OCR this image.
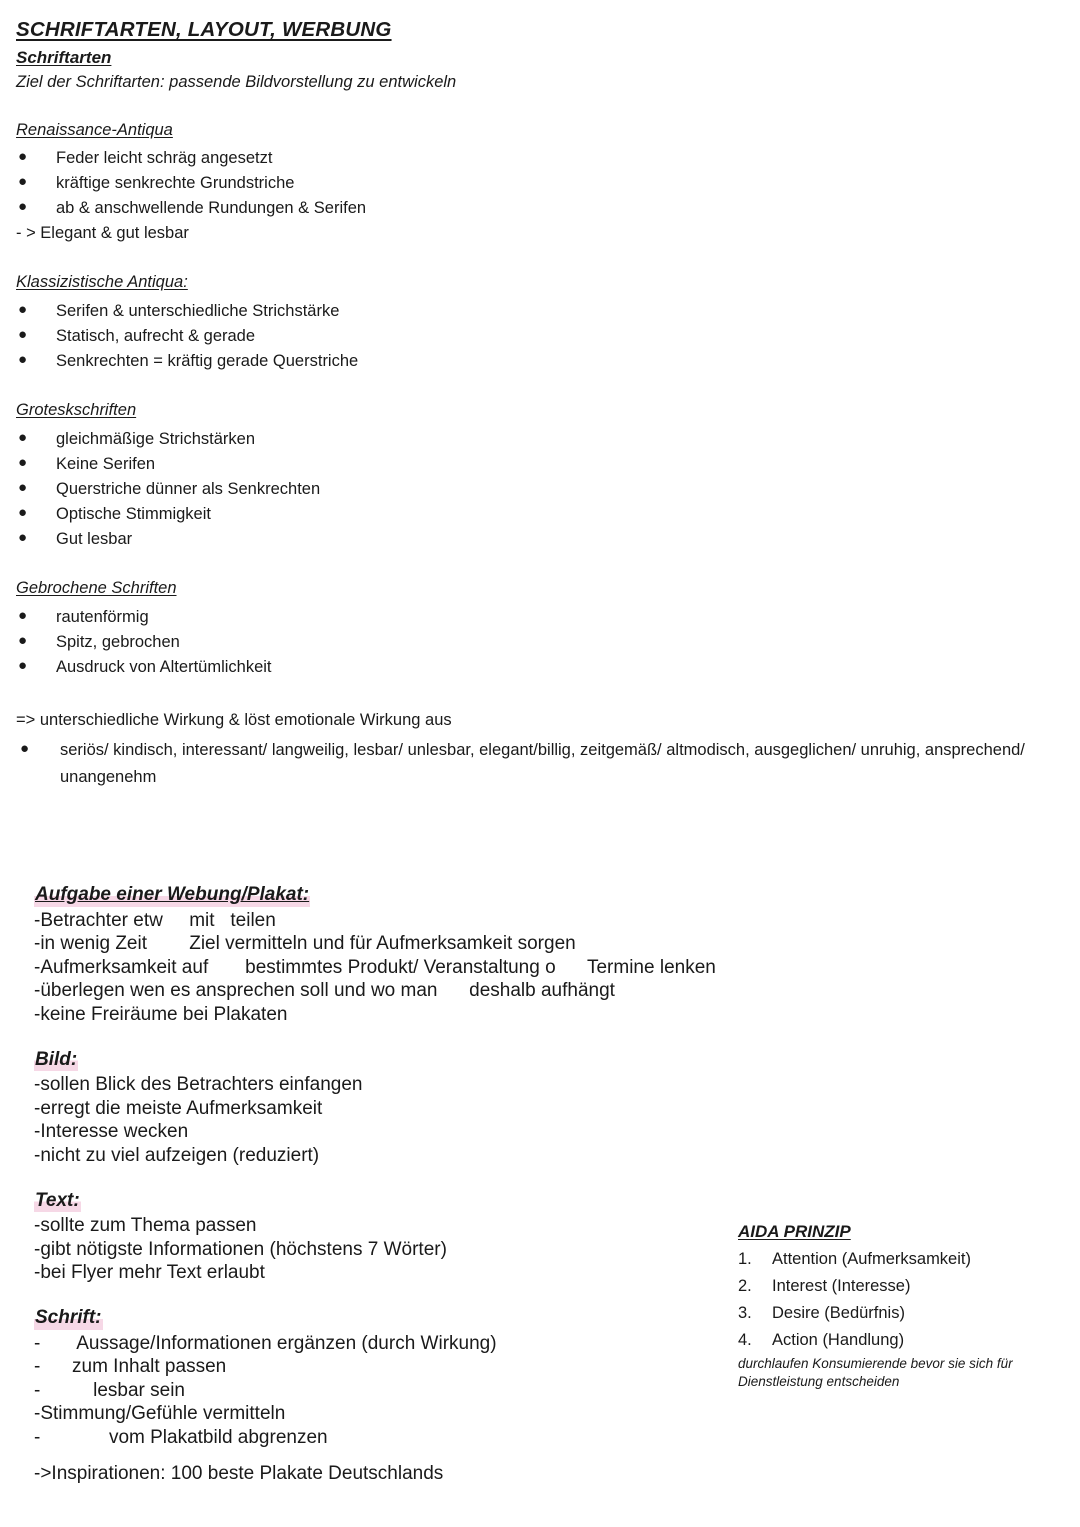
SCHRIFTARTEN, LAYOUT, WERBUNG
Schriftarten

Ziel der Schriftarten: passende Bildvorstellung zu entwickeln

Renaissance-Antiqua
● Feder leicht schräg angesetzt
● kräftige senkrechte Grundstriche
● ab & anschwellende Rundungen & Serifen

- > Elegant & gut lesbar

Klassizistische Antiqua:
● Serifen & unterschiedliche Strichstärke
● Statisch, aufrecht & gerade
● Senkrechten = kräftig gerade Querstriche
Groteskschriften
● gleichmäßige Strichstärken
● Keine Serifen
● Querstriche dünner als Senkrechten
● Optische Stimmigkeit
● Gut lesbar
Gebrochene Schriften
● rautenförmig
● Spitz, gebrochen
● Ausdruck von Altertümlichkeit

=> unterschiedliche Wirkung & löst emotionale Wirkung aus

● seriös/ kindisch, interessant/ langweilig, lesbar/ unlesbar, elegant/billig, zeitgemäß/ altmodisch, ausgeglichen/ unruhig, ansprechend/ unangenehm
Aufgabe einer Webung/Plakat:

-Betrachter etw     mit   teilen

-in wenig Zeit        Ziel vermitteln und für Aufmerksamkeit sorgen

-Aufmerksamkeit auf       bestimmtes Produkt/ Veranstaltung o      Termine lenken

-überlegen wen es ansprechen soll und wo man      deshalb aufhängt

-keine Freiräume bei Plakaten

Bild:

-sollen Blick des Betrachters einfangen

-erregt die meiste Aufmerksamkeit

-Interesse wecken

-nicht zu viel aufzeigen (reduziert)

Text:

-sollte zum Thema passen

-gibt nötigste Informationen (höchstens 7 Wörter)

-bei Flyer mehr Text erlaubt

Schrift:

-       Aussage/Informationen ergänzen (durch Wirkung)

-      zum Inhalt passen

-          lesbar sein

-Stimmung/Gefühle vermitteln

-             vom Plakatbild abgrenzen

->Inspirationen: 100 beste Plakate Deutschlands

AIDA PRINZIP
1. Attention (Aufmerksamkeit)
2. Interest (Interesse)
3. Desire (Bedürfnis)
4. Action (Handlung)

durchlaufen Konsumierende bevor sie sich für Dienstleistung entscheiden
